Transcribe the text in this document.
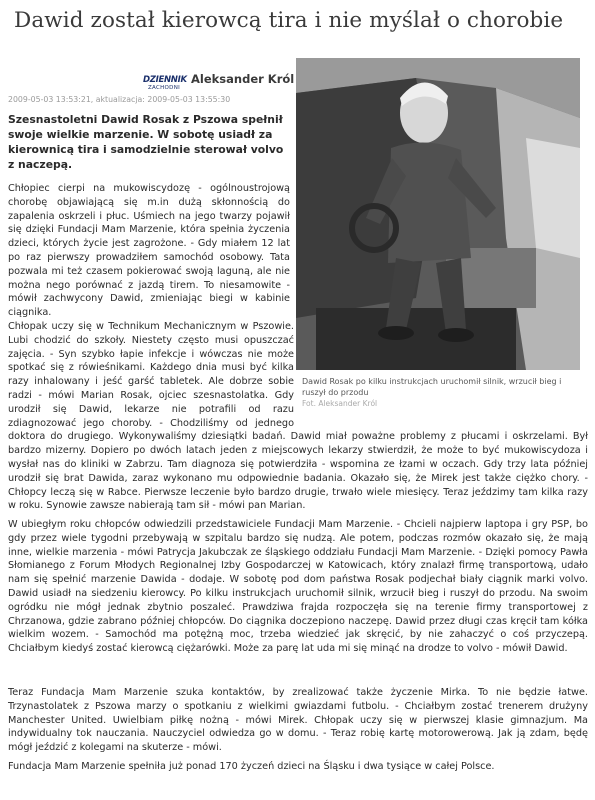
Dawid został kierowcą tira i nie myślał o chorobie
DZIENNIK
ZACHODNI
Aleksander Król
2009-05-03 13:53:21, aktualizacja: 2009-05-03 13:55:30
Szesnastoletni Dawid Rosak z Pszowa spełnił swoje wielkie marzenie. W sobotę usiadł za kierownicą tira i samodzielnie sterował volvo z naczepą.
Dawid Rosak po kilku instrukcjach uruchomił silnik, wrzucił bieg i ruszył do przodu
Fot. Aleksander Król
Chłopiec cierpi na mukowiscydozę - ogólnoustrojową chorobę objawiającą się m.in dużą skłonnością do zapalenia oskrzeli i płuc. Uśmiech na jego twarzy pojawił się dzięki Fundacji Mam Marzenie, która spełnia życzenia dzieci, których życie jest zagrożone. - Gdy miałem 12 lat po raz pierwszy prowadziłem samochód osobowy. Tata pozwala mi też czasem pokierować swoją laguną, ale nie można nego porównać z jazdą tirem. To niesamowite - mówił zachwycony Dawid, zmieniając biegi w kabinie ciągnika.
Chłopak uczy się w Technikum Mechanicznym w Pszowie. Lubi chodzić do szkoły. Niestety często musi opuszczać zajęcia. - Syn szybko łapie infekcje i wówczas nie może spotkać się z rówieśnikami. Każdego dnia musi być kilka razy inhalowany i jeść garść tabletek. Ale dobrze sobie radzi - mówi Marian Rosak, ojciec szesnastolatka. Gdy urodził się Dawid, lekarze nie potrafili od razu zdiagnozować jego choroby. - Chodziliśmy od jednego doktora do drugiego. Wykonywaliśmy dziesiątki badań. Dawid miał poważne problemy z płucami i oskrzelami. Był bardzo mizerny. Dopiero po dwóch latach jeden z miejscowych lekarzy stwierdził, że może to być mukowiscydoza i wysłał nas do kliniki w Zabrzu. Tam diagnoza się potwierdziła - wspomina ze łzami w oczach. Gdy trzy lata później urodził się brat Dawida, zaraz wykonano mu odpowiednie badania. Okazało się, że Mirek jest także ciężko chory. - Chłopcy leczą się w Rabce. Pierwsze leczenie było bardzo drugie, trwało wiele miesięcy. Teraz jeździmy tam kilka razy w roku. Synowie zawsze nabierają tam sił - mówi pan Marian.
W ubiegłym roku chłopców odwiedzili przedstawiciele Fundacji Mam Marzenie. - Chcieli najpierw laptopa i gry PSP, bo gdy przez wiele tygodni przebywają w szpitalu bardzo się nudzą. Ale potem, podczas rozmów okazało się, że mają inne, wielkie marzenia - mówi Patrycja Jakubczak ze śląskiego oddziału Fundacji Mam Marzenie. - Dzięki pomocy Pawła Słomianego z Forum Młodych Regionalnej Izby Gospodarczej w Katowicach, który znalazł firmę transportową, udało nam się spełnić marzenie Dawida - dodaje. W sobotę pod dom państwa Rosak podjechał biały ciągnik marki volvo. Dawid usiadł na siedzeniu kierowcy. Po kilku instrukcjach uruchomił silnik, wrzucił bieg i ruszył do przodu. Na swoim ogródku nie mógł jednak zbytnio poszaleć. Prawdziwa frajda rozpoczęła się na terenie firmy transportowej z Chrzanowa, gdzie zabrano później chłopców. Do ciągnika doczepiono naczepę. Dawid przez długi czas kręcił tam kółka wielkim wozem. - Samochód ma potężną moc, trzeba wiedzieć jak skręcić, by nie zahaczyć o coś przyczepą. Chciałbym kiedyś zostać kierowcą ciężarówki. Może za parę lat uda mi się minąć na drodze to volvo - mówił Dawid.
Teraz Fundacja Mam Marzenie szuka kontaktów, by zrealizować także życzenie Mirka. To nie będzie łatwe. Trzynastolatek z Pszowa marzy o spotkaniu z wielkimi gwiazdami futbolu. - Chciałbym zostać trenerem drużyny Manchester United. Uwielbiam piłkę nożną - mówi Mirek. Chłopak uczy się w pierwszej klasie gimnazjum. Ma indywidualny tok nauczania. Nauczyciel odwiedza go w domu. - Teraz robię kartę motorowerową. Jak ją zdam, będę mógł jeździć z kolegami na skuterze - mówi.
Fundacja Mam Marzenie spełniła już ponad 170 życzeń dzieci na Śląsku i dwa tysiące w całej Polsce.
